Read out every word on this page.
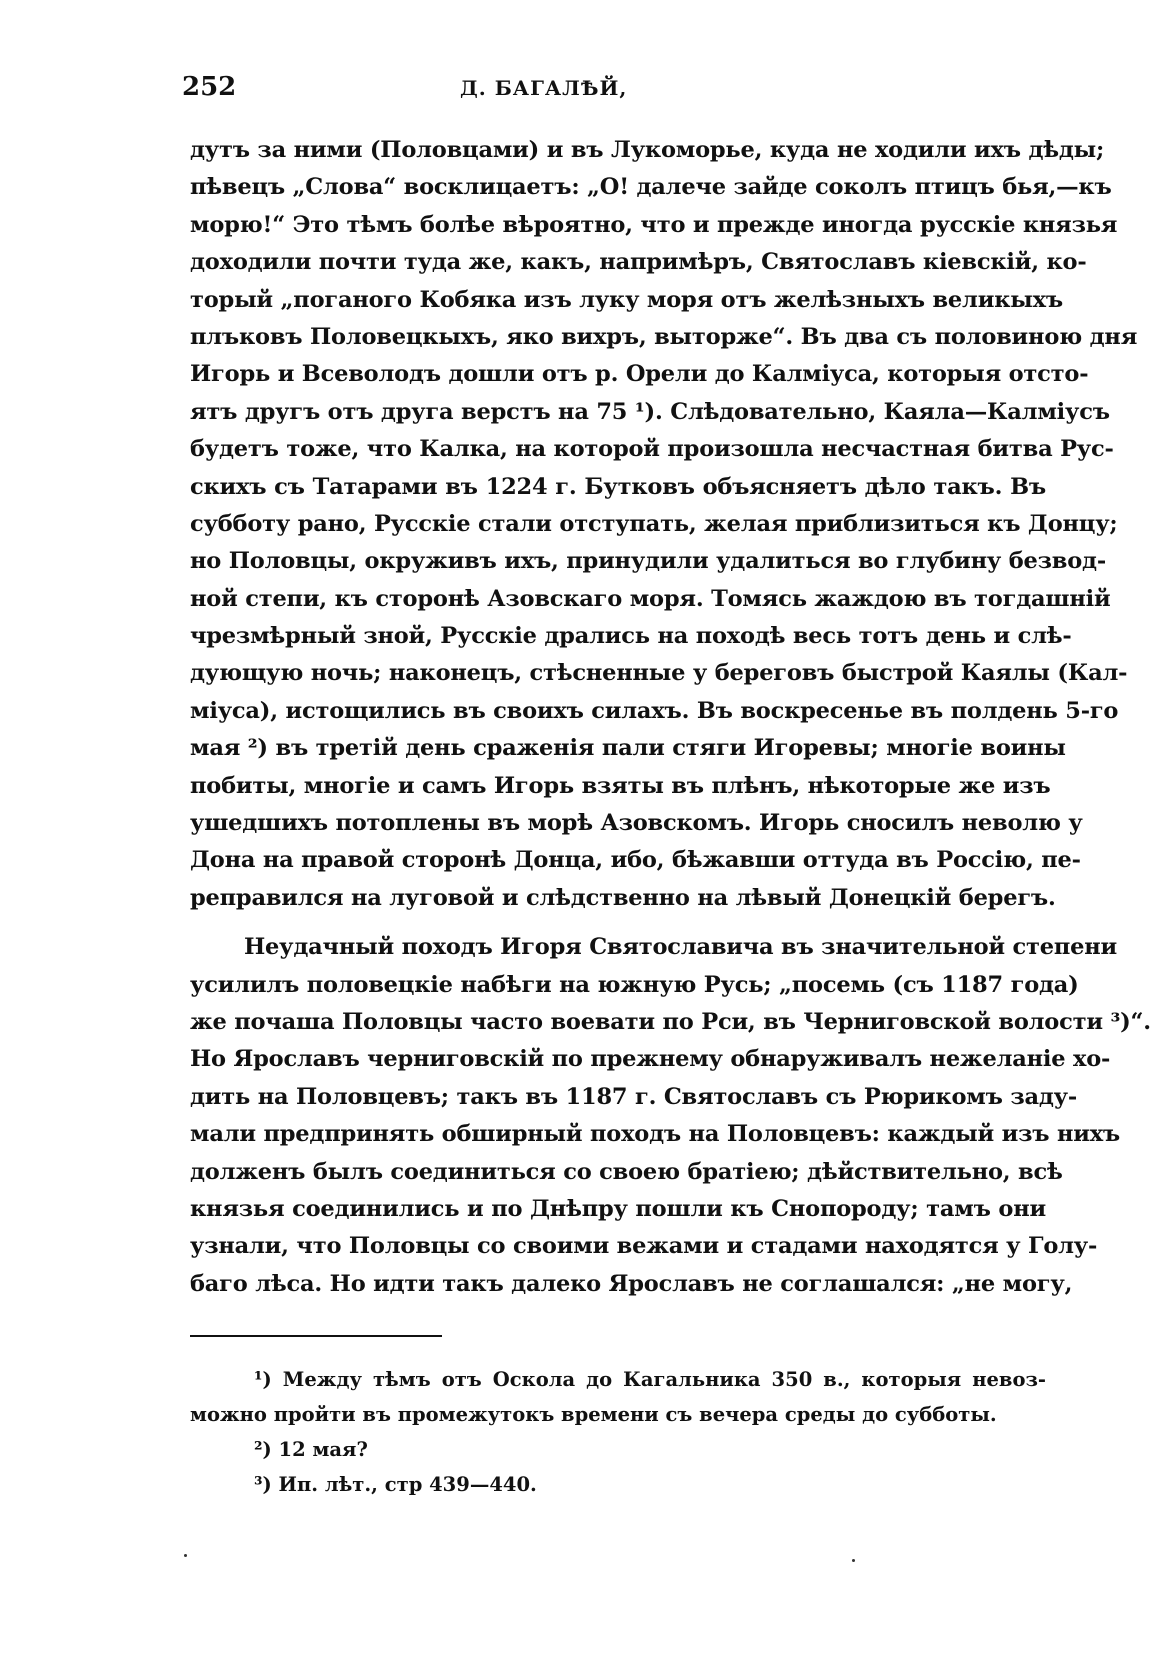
252	Д. БАГАЛѢЙ,
дутъ за ними (Половцами) и въ Лукоморье, куда не ходили ихъ дѣды;
пѣвецъ „Слова“ восклицаетъ: „О! далече зайде соколъ птицъ бья,—къ
морю!“ Это тѣмъ болѣе вѣроятно, что и прежде иногда русскіе князья
доходили почти туда же, какъ, напримѣръ, Святославъ кіевскій, ко-
торый „поганого Кобяка изъ луку моря отъ желѣзныхъ великыхъ
плъковъ Половецкыхъ, яко вихръ, выторже“. Въ два съ половиною дня
Игорь и Всеволодъ дошли отъ р. Орели до Калміуса, которыя отсто-
ятъ другъ отъ друга верстъ на 75 ¹). Слѣдовательно, Каяла—Калміусъ
будетъ тоже, что Калка, на которой произошла несчастная битва Рус-
скихъ съ Татарами въ 1224 г. Бутковъ объясняетъ дѣло такъ. Въ
субботу рано, Русскіе стали отступать, желая приблизиться къ Донцу;
но Половцы, окруживъ ихъ, принудили удалиться во глубину безвод-
ной степи, къ сторонѣ Азовскаго моря. Томясь жаждою въ тогдашній
чрезмѣрный зной, Русскіе дрались на походѣ весь тотъ день и слѣ-
дующую ночь; наконецъ, стѣсненные у береговъ быстрой Каялы (Кал-
міуса), истощились въ своихъ силахъ. Въ воскресенье въ полдень 5-го
мая ²) въ третій день сраженія пали стяги Игоревы; многіе воины
побиты, многіе и самъ Игорь взяты въ плѣнъ, нѣкоторые же изъ
ушедшихъ потоплены въ морѣ Азовскомъ. Игорь сносилъ неволю у
Дона на правой сторонѣ Донца, ибо, бѣжавши оттуда въ Россію, пе-
реправился на луговой и слѣдственно на лѣвый Донецкій берегъ.
Неудачный походъ Игоря Святославича въ значительной степени
усилилъ половецкіе набѣги на южную Русь; „посемь (съ 1187 года)
же почаша Половцы часто воевати по Рси, въ Черниговской волости ³)“.
Но Ярославъ черниговскій по прежнему обнаруживалъ нежеланіе хо-
дить на Половцевъ; такъ въ 1187 г. Святославъ съ Рюрикомъ заду-
мали предпринять обширный походъ на Половцевъ: каждый изъ нихъ
долженъ былъ соединиться со своею братіею; дѣйствительно, всѣ
князья соединились и по Днѣпру пошли къ Снопороду; тамъ они
узнали, что Половцы со своими вежами и стадами находятся у Голу-
баго лѣса. Но идти такъ далеко Ярославъ не соглашался: „не могу,
¹) Между тѣмъ отъ Оскола до Кагальника 350 в., которыя невоз-
можно пройти въ промежутокъ времени съ вечера среды до субботы.
²) 12 мая?
³) Ип. лѣт., стр 439—440.
